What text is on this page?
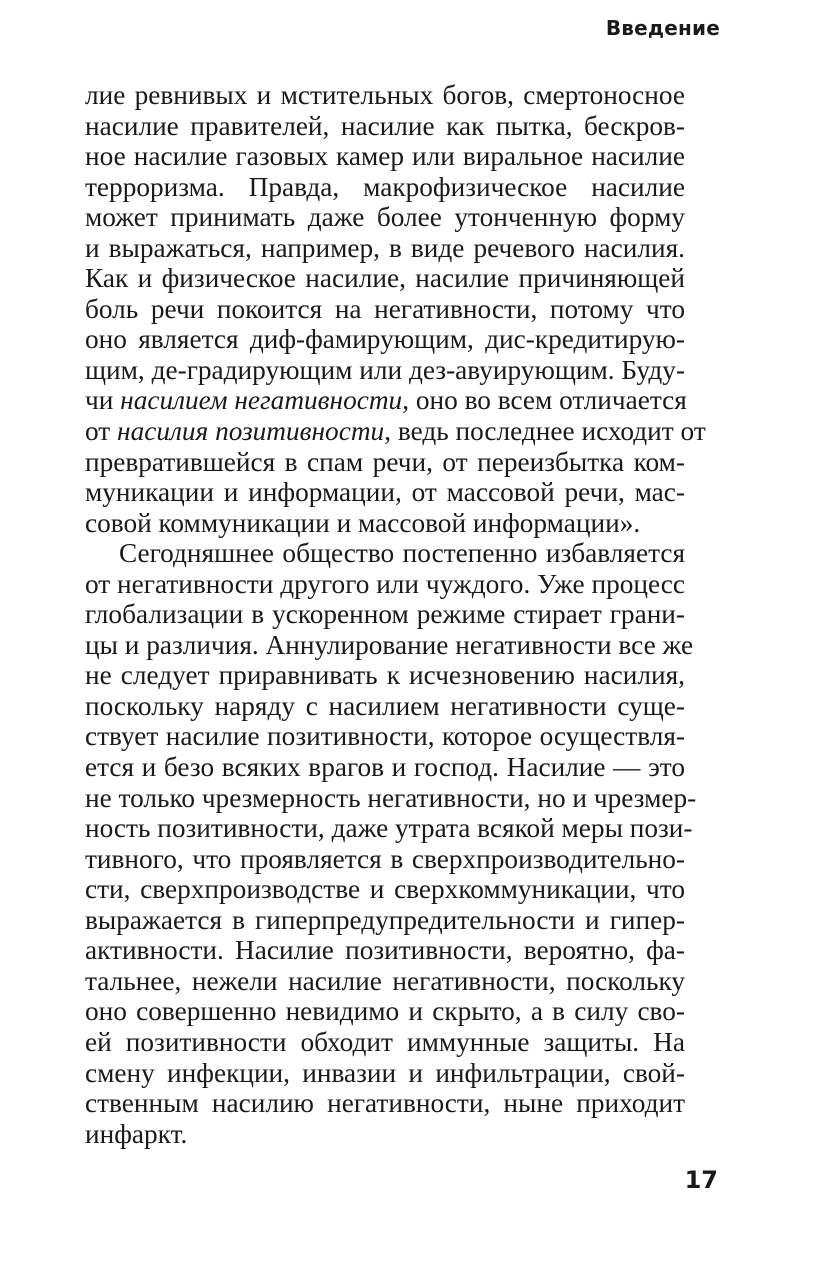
Введение
лие ревнивых и мстительных богов, смертоносное
насилие правителей, насилие как пытка, бескров-
ное насилие газовых камер или виральное насилие
терроризма. Правда, макрофизическое насилие
может принимать даже более утонченную форму
и выражаться, например, в виде речевого насилия.
Как и физическое насилие, насилие причиняющей
боль речи покоится на негативности, потому что
оно является диф-фамирующим, дис-кредитирую-
щим, де-градирующим или дез-авуирующим. Буду-
чи насилием негативности, оно во всем отличается
от насилия позитивности, ведь последнее исходит от
превратившейся в спам речи, от переизбытка ком-
муникации и информации, от массовой речи, мас-
совой коммуникации и массовой информации».
Сегодняшнее общество постепенно избавляется
от негативности другого или чуждого. Уже процесс
глобализации в ускоренном режиме стирает грани-
цы и различия. Аннулирование негативности все же
не следует приравнивать к исчезновению насилия,
поскольку наряду с насилием негативности суще-
ствует насилие позитивности, которое осуществля-
ется и безо всяких врагов и господ. Насилие — это
не только чрезмерность негативности, но и чрезмер-
ность позитивности, даже утрата всякой меры пози-
тивного, что проявляется в сверхпроизводительно-
сти, сверхпроизводстве и сверхкоммуникации, что
выражается в гиперпредупредительности и гипер-
активности. Насилие позитивности, вероятно, фа-
тальнее, нежели насилие негативности, поскольку
оно совершенно невидимо и скрыто, а в силу сво-
ей позитивности обходит иммунные защиты. На
смену инфекции, инвазии и инфильтрации, свой-
ственным насилию негативности, ныне приходит
инфаркт.
17
